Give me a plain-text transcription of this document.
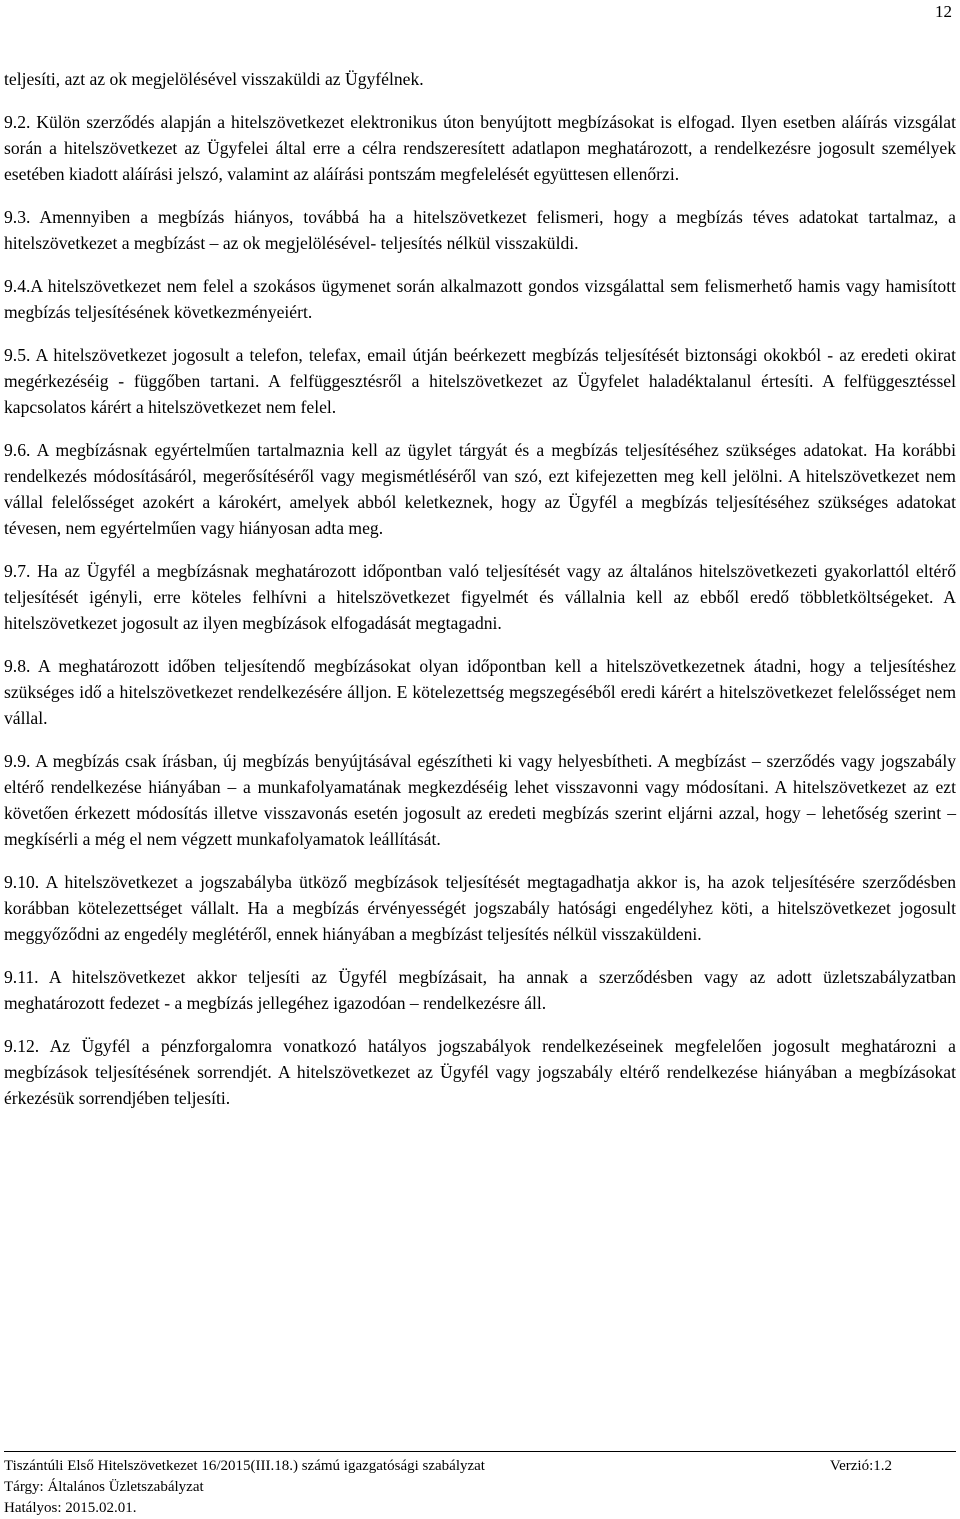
12

teljesíti, azt az ok megjelölésével visszaküldi az Ügyfélnek.

9.2. Külön szerződés alapján a hitelszövetkezet elektronikus úton benyújtott megbízásokat is elfogad. Ilyen esetben aláírás vizsgálat során a hitelszövetkezet az Ügyfelei által erre a célra rendszeresített adatlapon meghatározott, a rendelkezésre jogosult személyek esetében kiadott aláírási jelszó, valamint az aláírási pontszám megfelelését együttesen ellenőrzi.

9.3. Amennyiben a megbízás hiányos, továbbá ha a hitelszövetkezet felismeri, hogy a megbízás téves adatokat tartalmaz, a hitelszövetkezet a megbízást – az ok megjelölésével- teljesítés nélkül visszaküldi.

9.4.A hitelszövetkezet nem felel a szokásos ügymenet során alkalmazott gondos vizsgálattal sem felismerhető hamis vagy hamisított megbízás teljesítésének következményeiért.

9.5. A hitelszövetkezet jogosult a telefon, telefax, email útján beérkezett megbízás teljesítését biztonsági okokból - az eredeti okirat megérkezéséig - függőben tartani. A felfüggesztésről a hitelszövetkezet az Ügyfelet haladéktalanul értesíti. A felfüggesztéssel kapcsolatos kárért a hitelszövetkezet nem felel.

9.6. A megbízásnak egyértelműen tartalmaznia kell az ügylet tárgyát és a megbízás teljesítéséhez szükséges adatokat. Ha korábbi rendelkezés módosításáról, megerősítéséről vagy megismétléséről van szó, ezt kifejezetten meg kell jelölni. A hitelszövetkezet nem vállal felelősséget azokért a károkért, amelyek abból keletkeznek, hogy az Ügyfél a megbízás teljesítéséhez szükséges adatokat tévesen, nem egyértelműen vagy hiányosan adta meg.

9.7. Ha az Ügyfél a megbízásnak meghatározott időpontban való teljesítését vagy az általános hitelszövetkezeti gyakorlattól eltérő teljesítését igényli, erre köteles felhívni a hitelszövetkezet figyelmét és vállalnia kell az ebből eredő többletköltségeket. A hitelszövetkezet jogosult az ilyen megbízások elfogadását megtagadni.

9.8. A meghatározott időben teljesítendő megbízásokat olyan időpontban kell a hitelszövetkezetnek átadni, hogy a teljesítéshez szükséges idő a hitelszövetkezet rendelkezésére álljon. E kötelezettség megszegéséből eredi kárért a hitelszövetkezet felelősséget nem vállal.

9.9. A megbízás csak írásban, új megbízás benyújtásával egészítheti ki vagy helyesbítheti. A megbízást – szerződés vagy jogszabály eltérő rendelkezése hiányában – a munkafolyamatának megkezdéséig lehet visszavonni vagy módosítani. A hitelszövetkezet az ezt követően érkezett módosítás illetve visszavonás esetén jogosult az eredeti megbízás szerint eljárni azzal, hogy – lehetőség szerint – megkísérli a még el nem végzett munkafolyamatok leállítását.

9.10. A hitelszövetkezet a jogszabályba ütköző megbízások teljesítését megtagadhatja akkor is, ha azok teljesítésére szerződésben korábban kötelezettséget vállalt. Ha a megbízás érvényességét jogszabály hatósági engedélyhez köti, a hitelszövetkezet jogosult meggyőződni az engedély meglétéről, ennek hiányában a megbízást teljesítés nélkül visszaküldeni.

9.11. A hitelszövetkezet akkor teljesíti az Ügyfél megbízásait, ha annak a szerződésben vagy az adott üzletszabályzatban meghatározott fedezet - a megbízás jellegéhez igazodóan – rendelkezésre áll.

9.12. Az Ügyfél a pénzforgalomra vonatkozó hatályos jogszabályok rendelkezéseinek megfelelően jogosult meghatározni a megbízások teljesítésének sorrendjét. A hitelszövetkezet az Ügyfél vagy jogszabály eltérő rendelkezése hiányában a megbízásokat érkezésük sorrendjében teljesíti.

Tiszántúli Első Hitelszövetkezet 16/2015(III.18.) számú igazgatósági szabályzat	Verzió:1.2
Tárgy: Általános Üzletszabályzat
Hatályos: 2015.02.01.
